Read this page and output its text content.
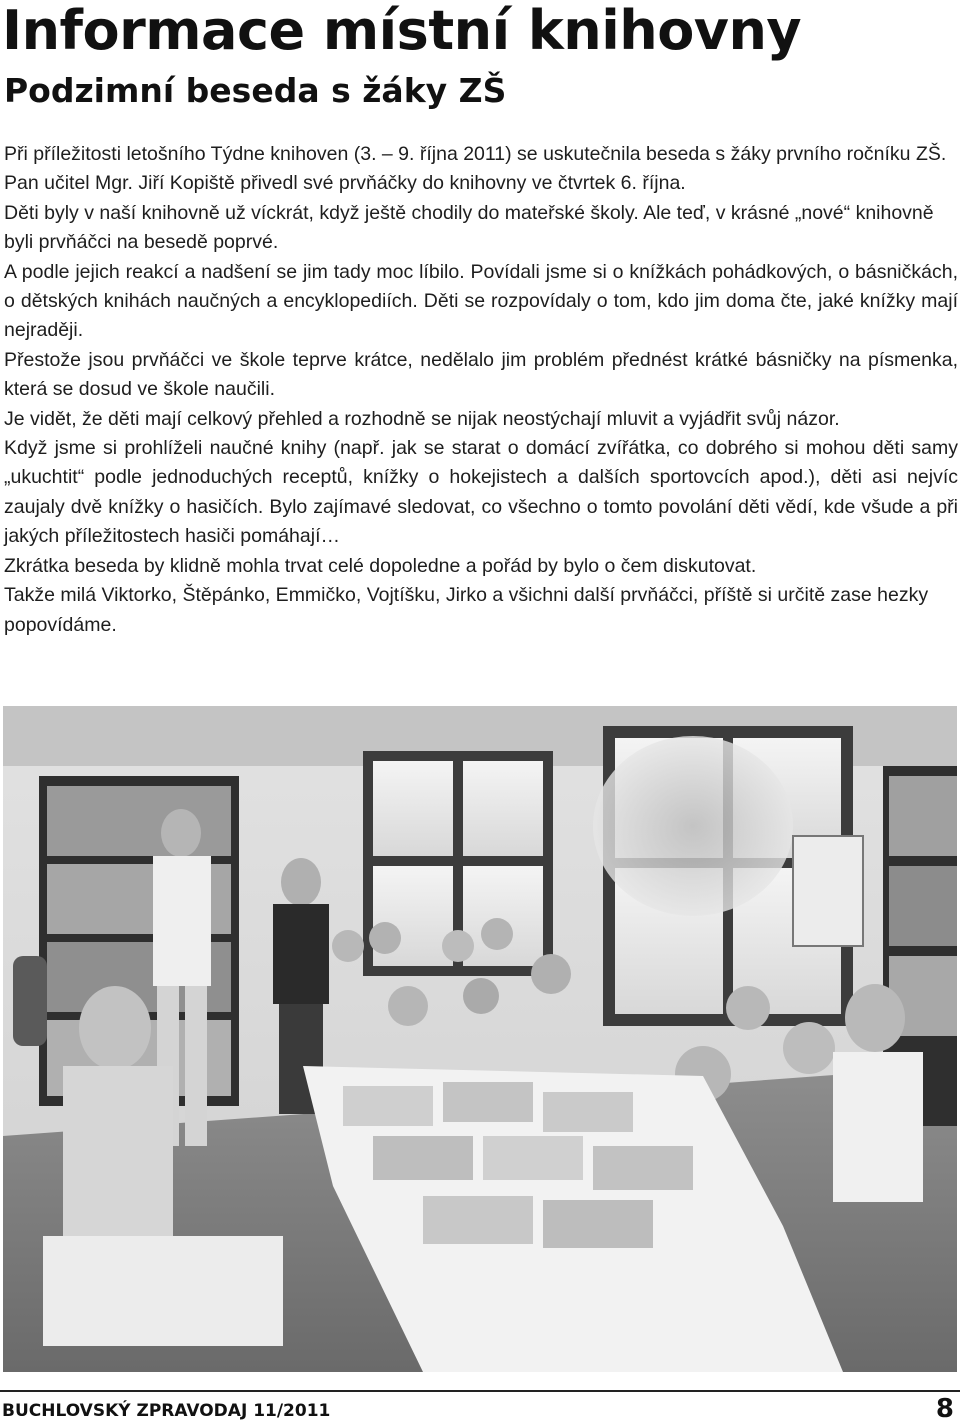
Informace místní knihovny
Podzimní beseda s žáky ZŠ

Při příležitosti letošního Týdne knihoven (3. – 9. října 2011) se uskutečnila beseda s žáky prvního ročníku ZŠ.

Pan učitel Mgr. Jiří Kopiště přivedl své prvňáčky do knihovny ve čtvrtek 6. října.

Děti byly v naší knihovně už víckrát, když ještě chodily do mateřské školy. Ale teď, v krásné „nové“ knihovně byli prvňáčci na besedě poprvé.

A podle jejich reakcí a nadšení se jim tady moc líbilo. Povídali jsme si o knížkách pohádkových, o básničkách, o dětských knihách naučných a encyklopediích. Děti se rozpovídaly o tom, kdo jim doma čte, jaké knížky mají nejraději.

Přestože jsou prvňáčci ve škole teprve krátce, nedělalo jim problém přednést krátké básničky na písmenka, která se dosud ve škole naučili.

Je vidět, že děti mají celkový přehled a rozhodně se nijak neostýchají mluvit a vyjádřit svůj názor.

Když jsme si prohlíželi naučné knihy (např. jak se starat o domácí zvířátka, co dobrého si mohou děti samy „ukuchtit“ podle jednoduchých receptů, knížky o hokejistech a dalších sportovcích apod.), děti asi nejvíc zaujaly dvě knížky o hasičích. Bylo zajímavé sledovat, co všechno o tomto povolání děti vědí, kde všude a při jakých příležitostech hasiči pomáhají…

Zkrátka beseda by klidně mohla trvat celé dopoledne a pořád by bylo o čem diskutovat.

Takže milá Viktorko, Štěpánko, Emmičko, Vojtíšku, Jirko a všichni další prvňáčci, příště si určitě zase hezky popovídáme.

BUCHLOVSKÝ ZPRAVODAJ 11/2011	8
